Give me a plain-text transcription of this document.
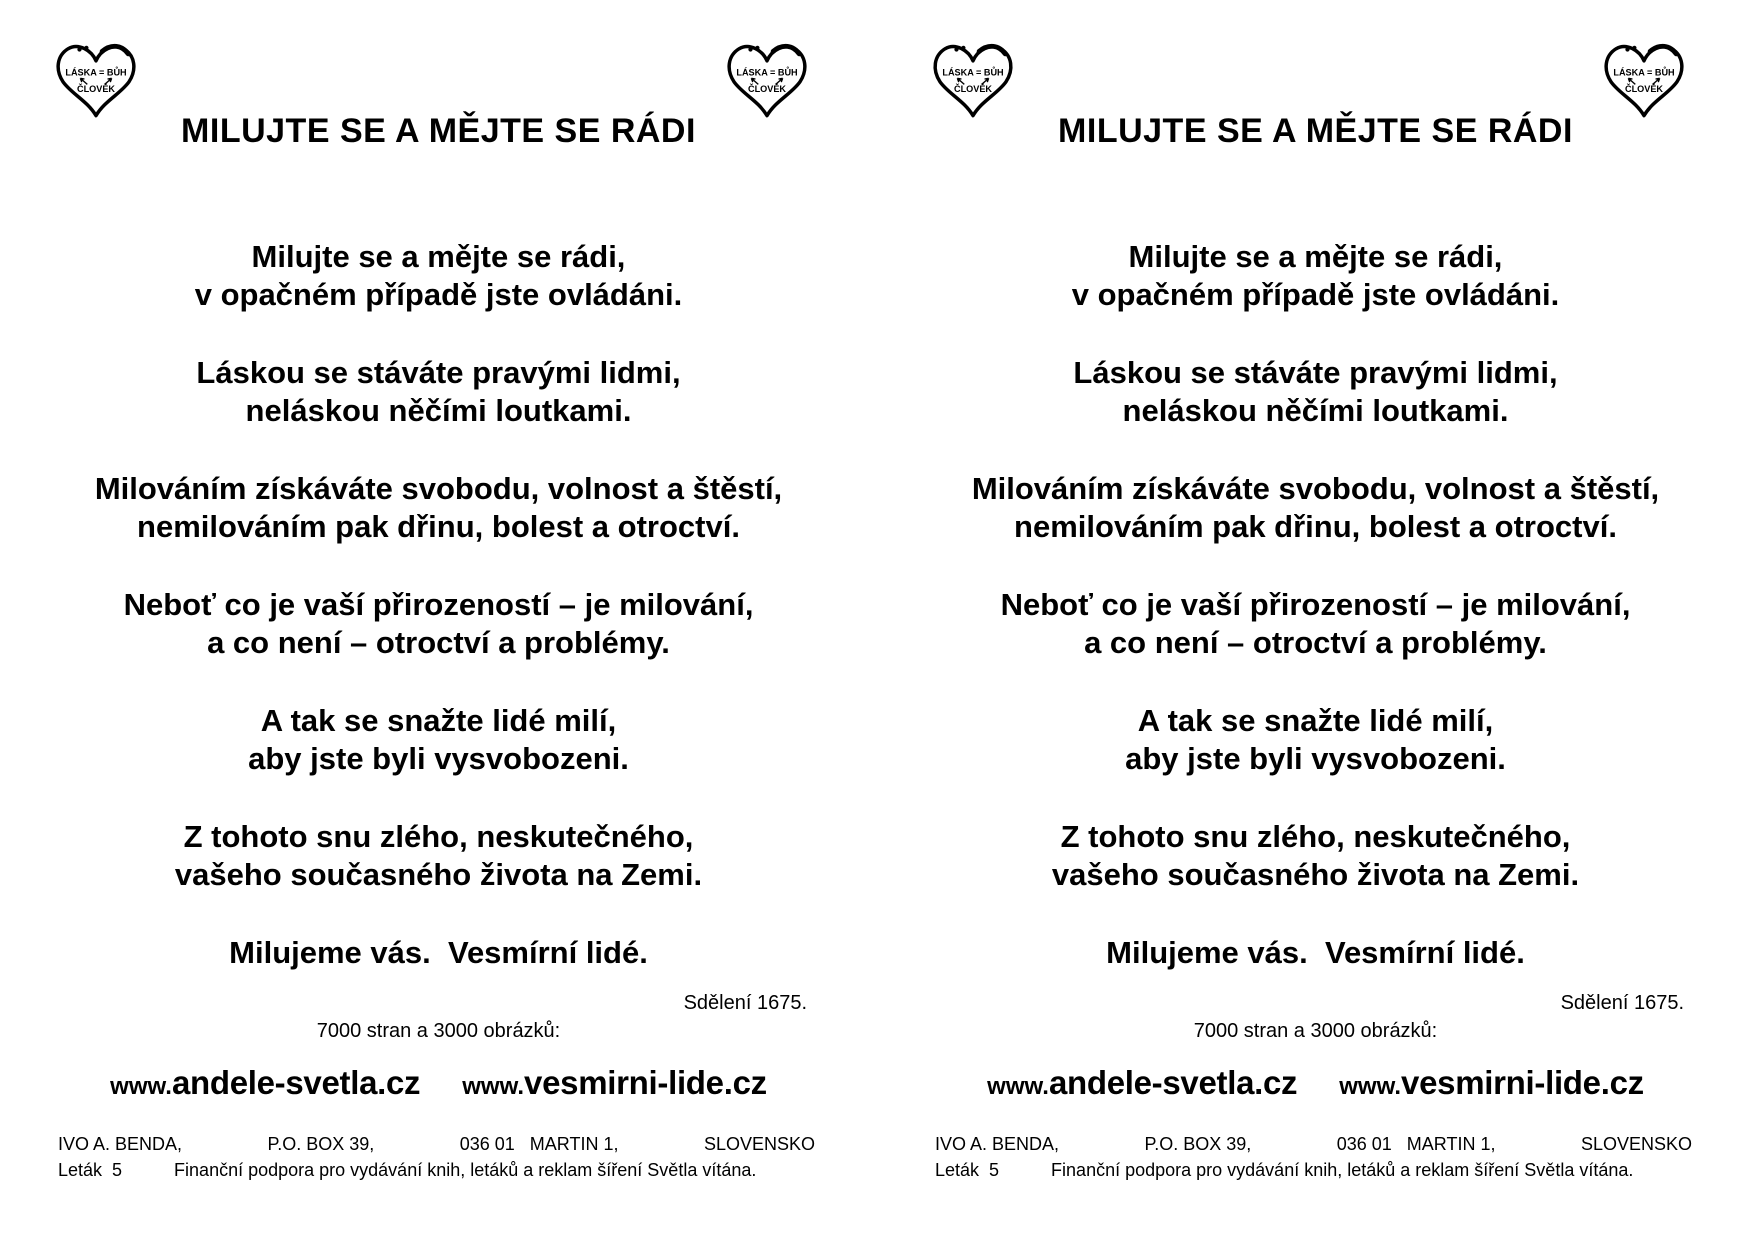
LÁSKA = BŮH
ČLOVĚK
LÁSKA = BŮH
ČLOVĚK
MILUJTE SE A MĚJTE SE RÁDI
Milujte se a mějte se rádi,
v opačném případě jste ovládáni.
Láskou se stáváte pravými lidmi,
neláskou něčími loutkami.
Milováním získáváte svobodu, volnost a štěstí,
nemilováním pak dřinu, bolest a otroctví.
Neboť co je vaší přirozeností – je milování,
a co není – otroctví a problémy.
A tak se snažte lidé milí,
aby jste byli vysvobozeni.
Z tohoto snu zlého, neskutečného,
vašeho současného života na Zemi.
Milujeme vás.  Vesmírní lidé.
Sdělení 1675.
7000 stran a 3000 obrázků:
www.andele-svetla.cz www.vesmirni-lide.cz
IVO A. BENDA,	P.O. BOX 39,	036 01   MARTIN 1,	SLOVENSKO
Leták  5	Finanční podpora pro vydávání knih, letáků a reklam šíření Světla vítána.
LÁSKA = BŮH
ČLOVĚK
LÁSKA = BŮH
ČLOVĚK
MILUJTE SE A MĚJTE SE RÁDI
Milujte se a mějte se rádi,
v opačném případě jste ovládáni.
Láskou se stáváte pravými lidmi,
neláskou něčími loutkami.
Milováním získáváte svobodu, volnost a štěstí,
nemilováním pak dřinu, bolest a otroctví.
Neboť co je vaší přirozeností – je milování,
a co není – otroctví a problémy.
A tak se snažte lidé milí,
aby jste byli vysvobozeni.
Z tohoto snu zlého, neskutečného,
vašeho současného života na Zemi.
Milujeme vás.  Vesmírní lidé.
Sdělení 1675.
7000 stran a 3000 obrázků:
www.andele-svetla.cz www.vesmirni-lide.cz
IVO A. BENDA,	P.O. BOX 39,	036 01   MARTIN 1,	SLOVENSKO
Leták  5	Finanční podpora pro vydávání knih, letáků a reklam šíření Světla vítána.
